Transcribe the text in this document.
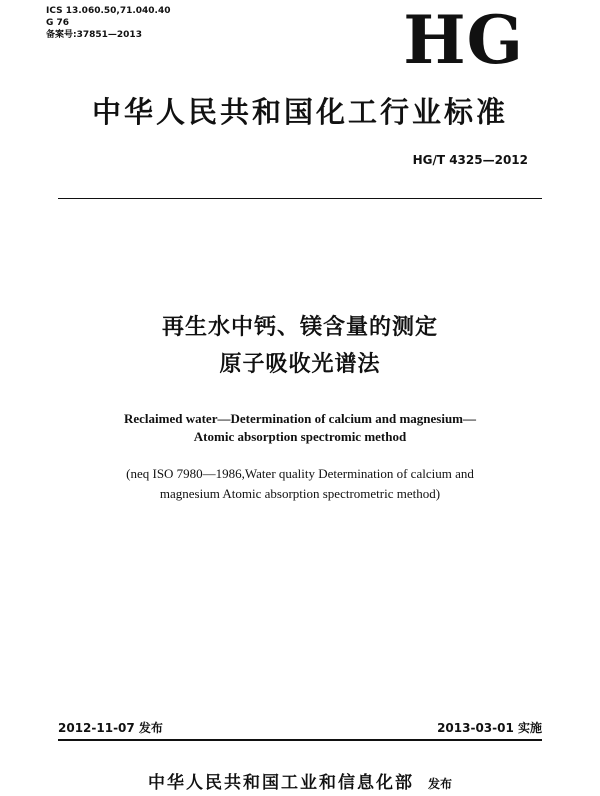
ICS 13.060.50,71.040.40
G 76
备案号:37851—2013	HG
中华人民共和国化工行业标准
HG/T 4325—2012
再生水中钙、镁含量的测定
原子吸收光谱法
Reclaimed water—Determination of calcium and magnesium—
Atomic absorption spectromic method
(neq ISO 7980—1986,Water quality Determination of calcium and
magnesium Atomic absorption spectrometric method)
2012-11-07 发布	2013-03-01 实施
中华人民共和国工业和信息化部 发布
